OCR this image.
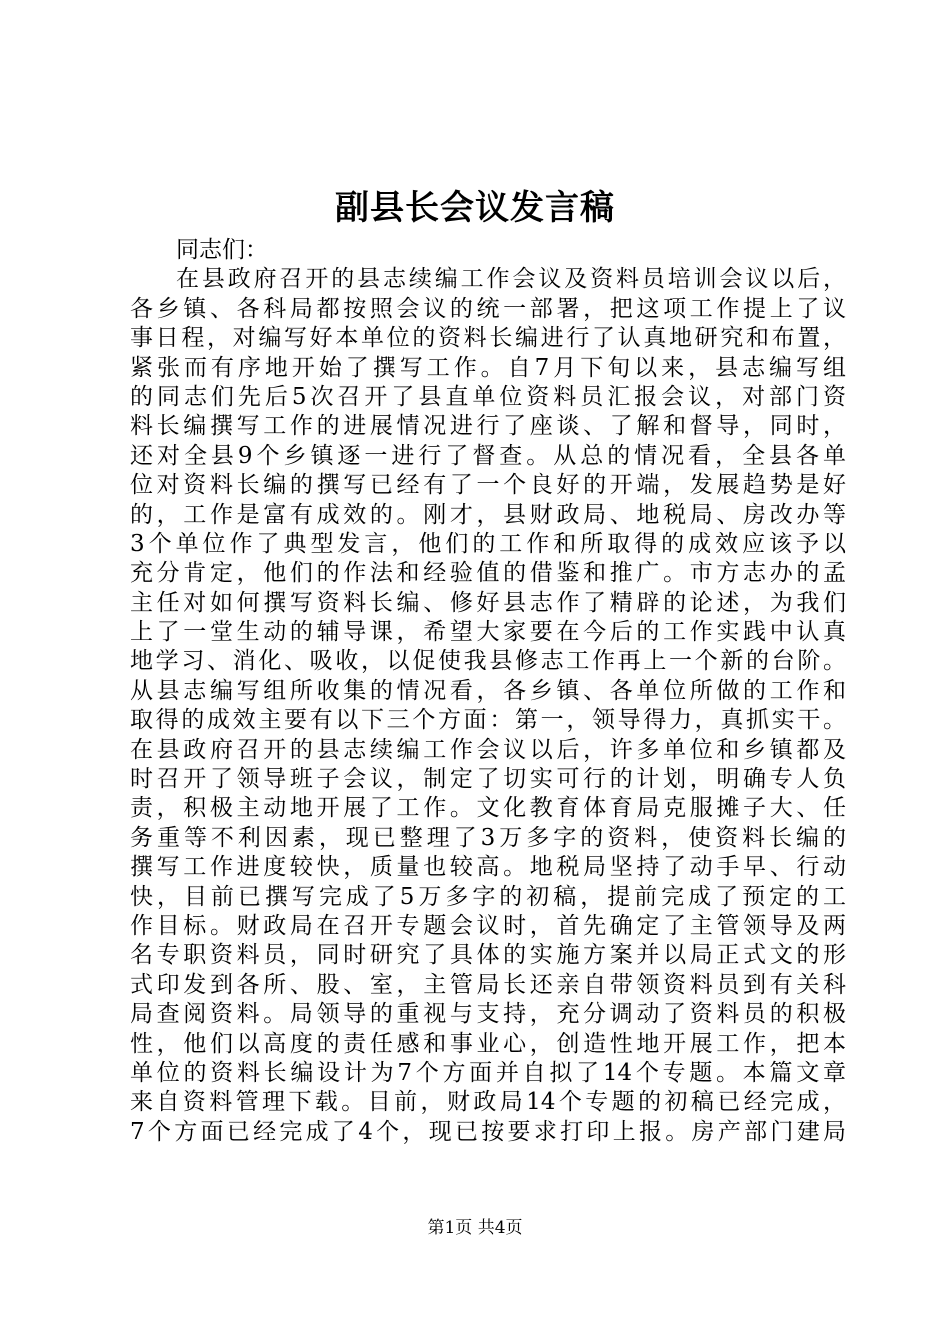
副县长会议发言稿
同志们：
在县政府召开的县志续编工作会议及资料员培训会议以后，
各乡镇、各科局都按照会议的统一部署，把这项工作提上了议
事日程，对编写好本单位的资料长编进行了认真地研究和布置，
紧张而有序地开始了撰写工作。自7月下旬以来，县志编写组
的同志们先后5次召开了县直单位资料员汇报会议，对部门资
料长编撰写工作的进展情况进行了座谈、了解和督导，同时，
还对全县9个乡镇逐一进行了督查。从总的情况看，全县各单
位对资料长编的撰写已经有了一个良好的开端，发展趋势是好
的，工作是富有成效的。刚才，县财政局、地税局、房改办等
3个单位作了典型发言，他们的工作和所取得的成效应该予以
充分肯定，他们的作法和经验值的借鉴和推广。市方志办的孟
主任对如何撰写资料长编、修好县志作了精辟的论述，为我们
上了一堂生动的辅导课，希望大家要在今后的工作实践中认真
地学习、消化、吸收，以促使我县修志工作再上一个新的台阶。
从县志编写组所收集的情况看，各乡镇、各单位所做的工作和
取得的成效主要有以下三个方面：第一，领导得力，真抓实干。
在县政府召开的县志续编工作会议以后，许多单位和乡镇都及
时召开了领导班子会议，制定了切实可行的计划，明确专人负
责，积极主动地开展了工作。文化教育体育局克服摊子大、任
务重等不利因素，现已整理了3万多字的资料，使资料长编的
撰写工作进度较快，质量也较高。地税局坚持了动手早、行动
快，目前已撰写完成了5万多字的初稿，提前完成了预定的工
作目标。财政局在召开专题会议时，首先确定了主管领导及两
名专职资料员，同时研究了具体的实施方案并以局正式文的形
式印发到各所、股、室，主管局长还亲自带领资料员到有关科
局查阅资料。局领导的重视与支持，充分调动了资料员的积极
性，他们以高度的责任感和事业心，创造性地开展工作，把本
单位的资料长编设计为7个方面并自拟了14个专题。本篇文章
来自资料管理下载。目前，财政局14个专题的初稿已经完成，
7个方面已经完成了4个，现已按要求打印上报。房产部门建局
第1页 共4页
